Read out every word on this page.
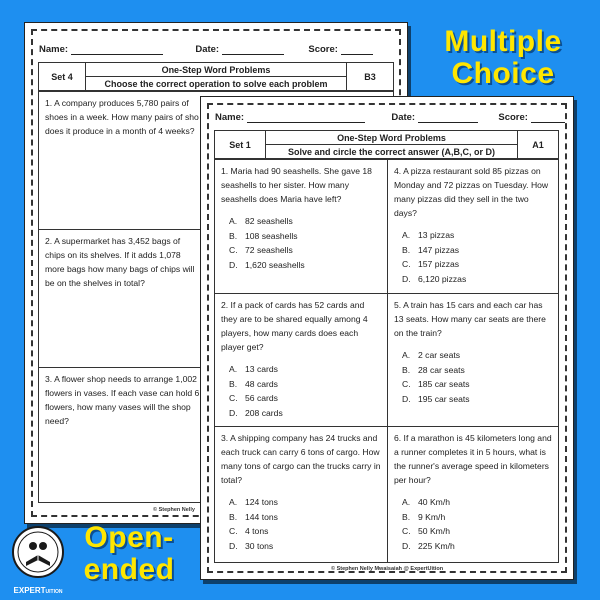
Name:	Date:	Score:
Set 4	One-Step Word Problems	B3
Choose the correct operation to solve each problem

1. A company produces 5,780 pairs of shoes in a week. How many pairs of sho does it produce in a month of 4 weeks?

2. A supermarket has 3,452 bags of chips on its shelves. If it adds 1,078 more bags how many bags of chips will be on the shelves in total?

3. A flower shop needs to arrange 1,002 flowers in vases. If each vase can hold 6 flowers, how many vases will the shop need?

© Stephen Nelly
Name:	Date:	Score:
Set 1	One-Step Word Problems	A1
Solve and circle the correct answer (A,B,C, or D)

1. Maria had 90 seashells. She gave 18 seashells to her sister. How many seashells does Maria have left?

A. 82 seashells
B. 108 seashells
C. 72 seashells
D. 1,620 seashells

4. A pizza restaurant sold 85 pizzas on Monday and 72 pizzas on Tuesday. How many pizzas did they sell in the two days?

A. 13 pizzas
B. 147 pizzas
C. 157 pizzas
D. 6,120 pizzas

2. If a pack of cards has 52 cards and they are to be shared equally among 4 players, how many cards does each player get?

A. 13 cards
B. 48 cards
C. 56 cards
D. 208 cards

5. A train has 15 cars and each car has 13 seats. How many car seats are there on the train?

A. 2 car seats
B. 28 car seats
C. 185 car seats
D. 195 car seats

3. A shipping company has 24 trucks and each truck can carry 6 tons of cargo. How many tons of cargo can the trucks carry in total?

A. 124 tons
B. 144 tons
C. 4 tons
D. 30 tons

6. If a marathon is 45 kilometers long and a runner completes it in 5 hours, what is the runner's average speed in kilometers per hour?

A. 40 Km/h
B. 9 Km/h
C. 50 Km/h
D. 225 Km/h
© Stephen Nelly Mwaisaiah @ ExpertUition
Multiple
Choice
Open-
ended
EXPERTUITION
